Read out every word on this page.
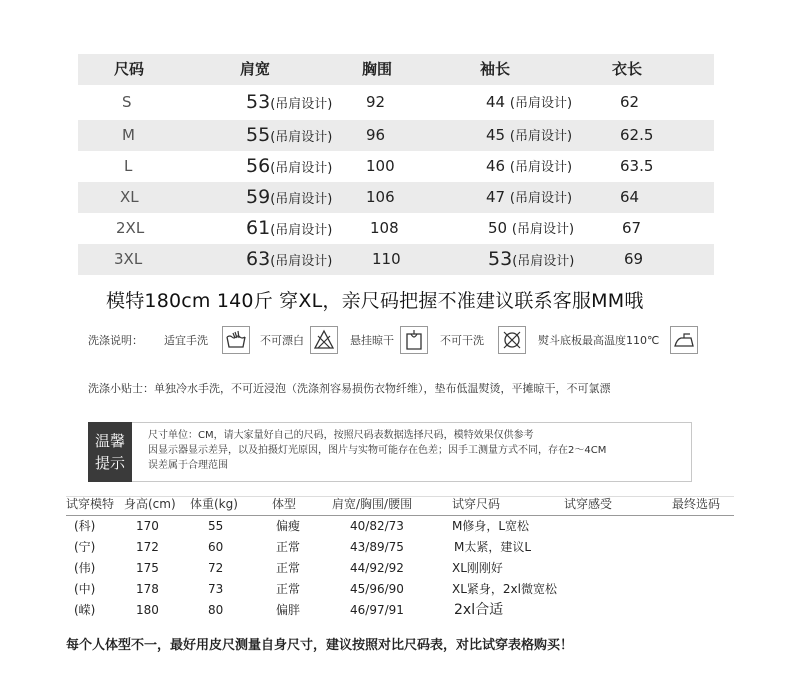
尺码	肩宽	胸围	袖长	衣长
S	53(吊肩设计) 92	44 (吊肩设计)	62
M	55(吊肩设计) 96	45 (吊肩设计)	62.5
L	56(吊肩设计) 100	46 (吊肩设计)	63.5
XL	59(吊肩设计) 106	47 (吊肩设计)	64
2XL	61(吊肩设计)	108	50 (吊肩设计)	67
3XL	63(吊肩设计)	110	53(吊肩设计)	69
模特180cm 140斤 穿XL，亲尺码把握不准建议联系客服MM哦
洗涤说明： 适宜手洗	不可漂白	悬挂晾干	不可干洗	熨斗底板最高温度110℃
洗涤小贴士：单独冷水手洗，不可近浸泡（洗涤剂容易损伤衣物纤维），垫布低温熨烫，平摊晾干，不可氯漂
温馨
提示
尺寸单位：CM，请大家量好自己的尺码，按照尺码表数据选择尺码，模特效果仅供参考
因显示器显示差异，以及拍摄灯光原因，图片与实物可能存在色差；因手工测量方式不同，存在2～4CM
误差属于合理范围
试穿模特 身高(cm) 体重(kg)	体型	肩宽/胸围/腰围	试穿尺码	试穿感受	最终选码
(科)	170	55	偏瘦	40/82/73	M修身，L宽松
(宁)	172	60	正常	43/89/75	M太紧，建议L
(伟)	175	72	正常	44/92/92	XL刚刚好
(中)	178	73	正常	45/96/90	XL紧身，2xl微宽松
(嵘)	180	80	偏胖	46/97/91	2xl合适
每个人体型不一，最好用皮尺测量自身尺寸，建议按照对比尺码表，对比试穿表格购买！
